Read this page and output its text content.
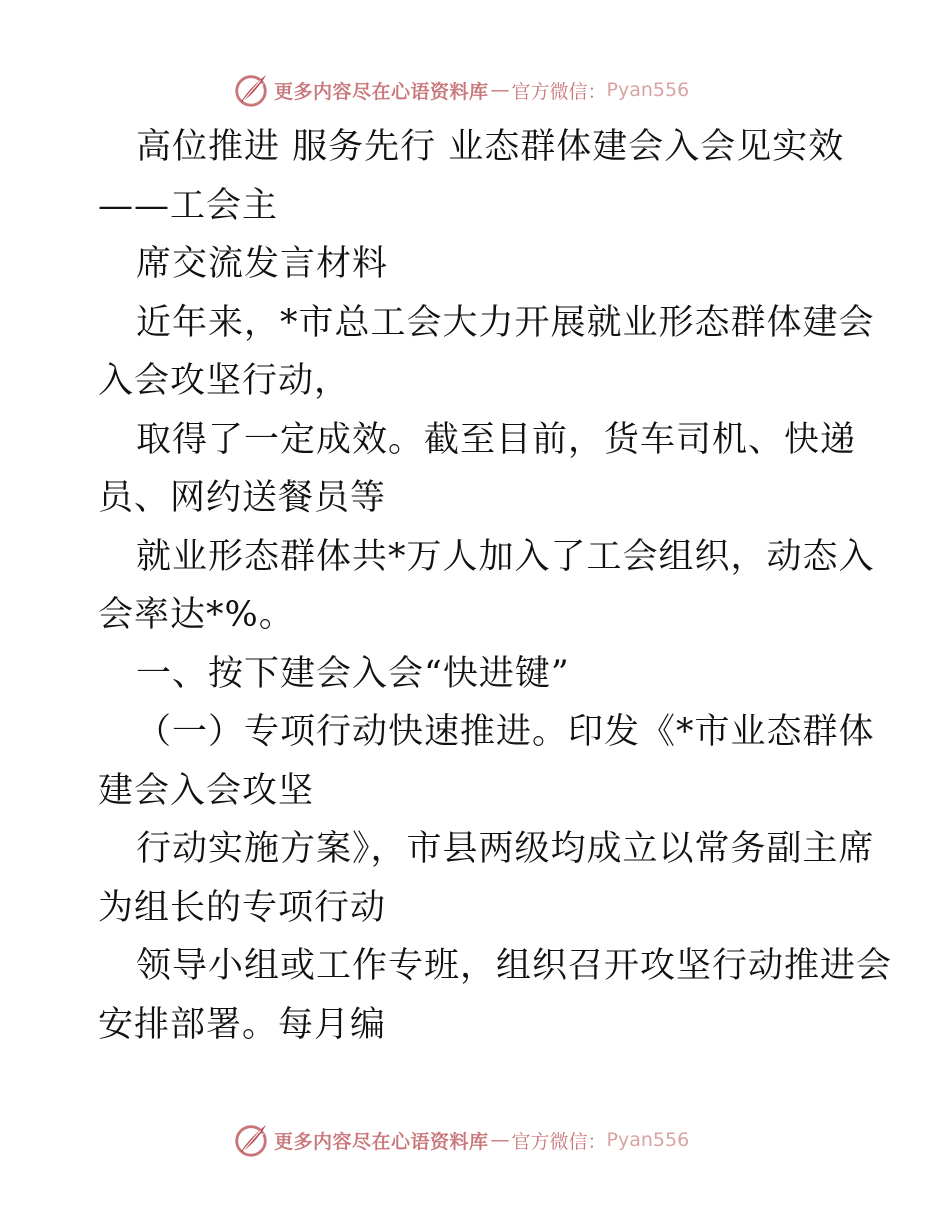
更多内容尽在心语资料库 — 官方微信： Pyan556
高位推进 服务先行 业态群体建会入会见实效
——工会主
席交流发言材料
近年来，*市总工会大力开展就业形态群体建会
入会攻坚行动，
取得了一定成效。截至目前，货车司机、快递
员、网约送餐员等
就业形态群体共*万人加入了工会组织，动态入
会率达*%。
一、按下建会入会“快进键”
（一）专项行动快速推进。印发《*市业态群体
建会入会攻坚
行动实施方案》，市县两级均成立以常务副主席
为组长的专项行动
领导小组或工作专班，组织召开攻坚行动推进会
安排部署。每月编
更多内容尽在心语资料库 — 官方微信： Pyan556
